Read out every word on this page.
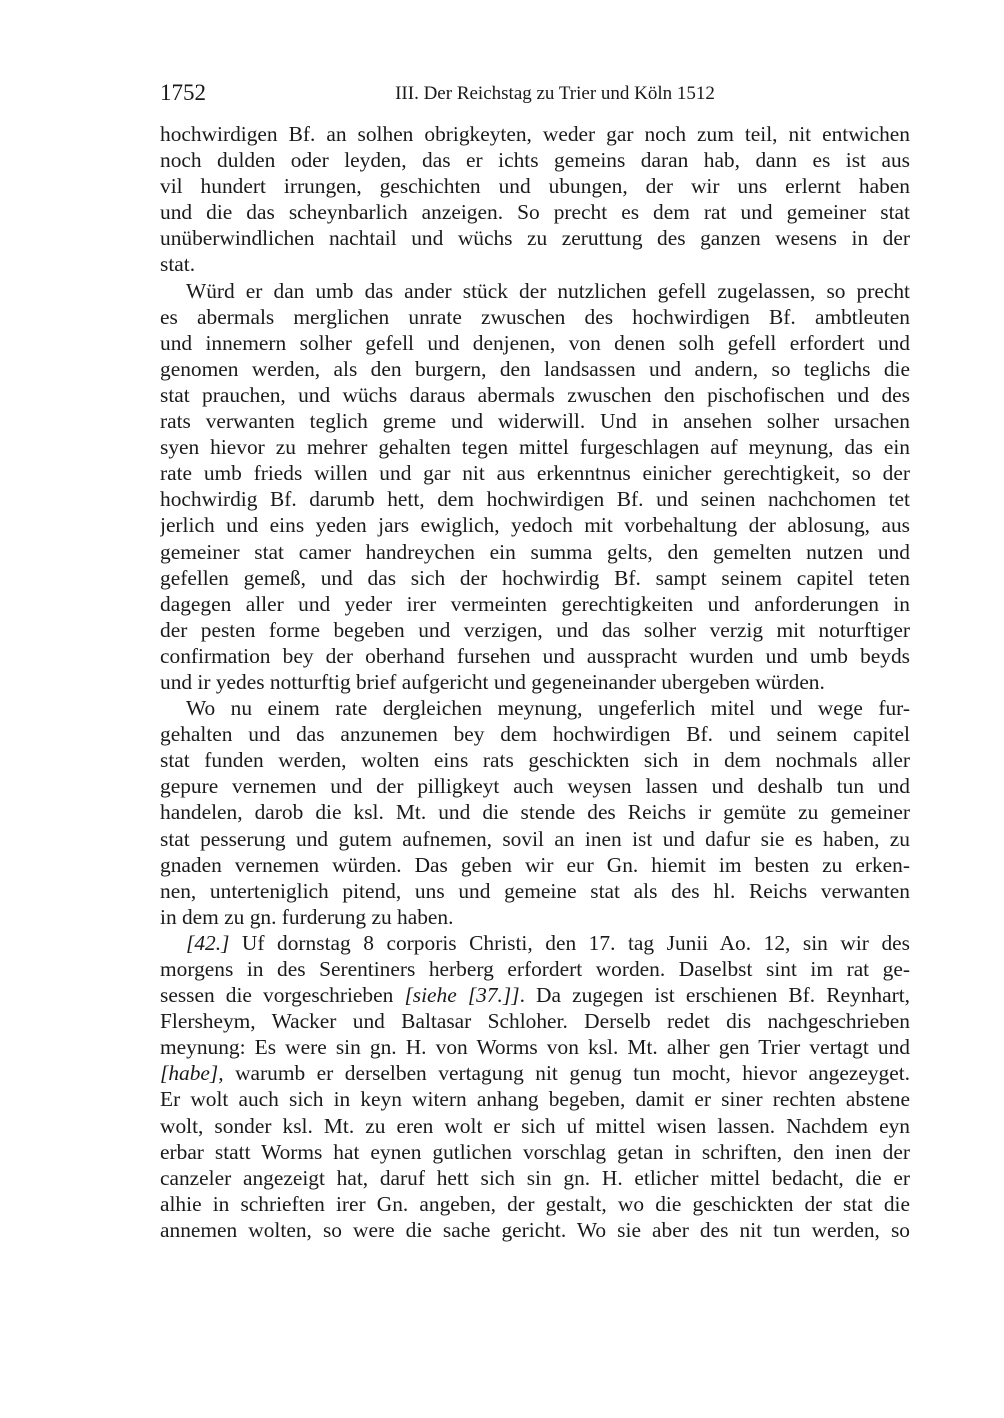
1752	III. Der Reichstag zu Trier und Köln 1512
hochwirdigen Bf. an solhen obrigkeyten, weder gar noch zum teil, nit entwichen
noch dulden oder leyden, das er ichts gemeins daran hab, dann es ist aus
vil hundert irrungen, geschichten und ubungen, der wir uns erlernt haben
und die das scheynbarlich anzeigen. So precht es dem rat und gemeiner stat
unüberwindlichen nachtail und wüchs zu zeruttung des ganzen wesens in der
stat.
Würd er dan umb das ander stück der nutzlichen gefell zugelassen, so precht
es abermals merglichen unrate zwuschen des hochwirdigen Bf. ambtleuten
und innemern solher gefell und denjenen, von denen solh gefell erfordert und
genomen werden, als den burgern, den landsassen und andern, so teglichs die
stat prauchen, und wüchs daraus abermals zwuschen den pischofischen und des
rats verwanten teglich greme und widerwill. Und in ansehen solher ursachen
syen hievor zu mehrer gehalten tegen mittel furgeschlagen auf meynung, das ein
rate umb frieds willen und gar nit aus erkenntnus einicher gerechtigkeit, so der
hochwirdig Bf. darumb hett, dem hochwirdigen Bf. und seinen nachchomen tet
jerlich und eins yeden jars ewiglich, yedoch mit vorbehaltung der ablosung, aus
gemeiner stat camer handreychen ein summa gelts, den gemelten nutzen und
gefellen gemeß, und das sich der hochwirdig Bf. sampt seinem capitel teten
dagegen aller und yeder irer vermeinten gerechtigkeiten und anforderungen in
der pesten forme begeben und verzigen, und das solher verzig mit noturftiger
confirmation bey der oberhand fursehen und ausspracht wurden und umb beyds
und ir yedes notturftig brief aufgericht und gegeneinander ubergeben würden.
Wo nu einem rate dergleichen meynung, ungeferlich mitel und wege fur-
gehalten und das anzunemen bey dem hochwirdigen Bf. und seinem capitel
stat funden werden, wolten eins rats geschickten sich in dem nochmals aller
gepure vernemen und der pilligkeyt auch weysen lassen und deshalb tun und
handelen, darob die ksl. Mt. und die stende des Reichs ir gemüte zu gemeiner
stat pesserung und gutem aufnemen, sovil an inen ist und dafur sie es haben, zu
gnaden vernemen würden. Das geben wir eur Gn. hiemit im besten zu erken-
nen, unterteniglich pitend, uns und gemeine stat als des hl. Reichs verwanten
in dem zu gn. furderung zu haben.
[42.] Uf dornstag 8 corporis Christi, den 17. tag Junii Ao. 12, sin wir des
morgens in des Serentiners herberg erfordert worden. Daselbst sint im rat ge-
sessen die vorgeschrieben [siehe [37.]]. Da zugegen ist erschienen Bf. Reynhart,
Flersheym, Wacker und Baltasar Schloher. Derselb redet dis nachgeschrieben
meynung: Es were sin gn. H. von Worms von ksl. Mt. alher gen Trier vertagt und
[habe], warumb er derselben vertagung nit genug tun mocht, hievor angezeyget.
Er wolt auch sich in keyn witern anhang begeben, damit er siner rechten abstene
wolt, sonder ksl. Mt. zu eren wolt er sich uf mittel wisen lassen. Nachdem eyn
erbar statt Worms hat eynen gutlichen vorschlag getan in schriften, den inen der
canzeler angezeigt hat, daruf hett sich sin gn. H. etlicher mittel bedacht, die er
alhie in schrieften irer Gn. angeben, der gestalt, wo die geschickten der stat die
annemen wolten, so were die sache gericht. Wo sie aber des nit tun werden, so
